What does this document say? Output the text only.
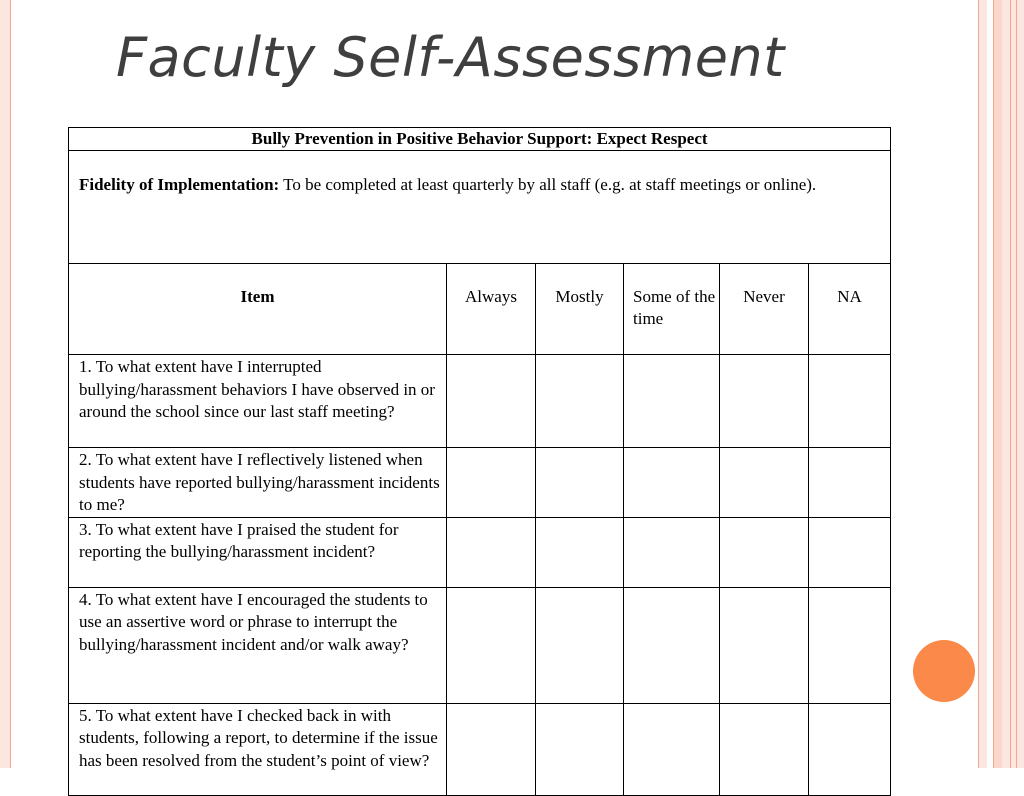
Faculty Self-Assessment
Bully Prevention in Positive Behavior Support: Expect Respect					
Fidelity of Implementation: To be completed at least quarterly by all staff (e.g. at staff meetings or online).					
Item	Always	Mostly	Some of the time	Never	NA
1. To what extent have I interrupted bullying/harassment behaviors I have observed in or around the school since our last staff meeting?					
2. To what extent have I reflectively listened when students have reported bullying/harassment incidents to me?					
3. To what extent have I praised the student for reporting the bullying/harassment incident?					
4. To what extent have I encouraged the students to use an assertive word or phrase to interrupt the bullying/harassment incident and/or walk away?					
5. To what extent have I checked back in with students, following a report, to determine if the issue has been resolved from the student’s point of view?					
